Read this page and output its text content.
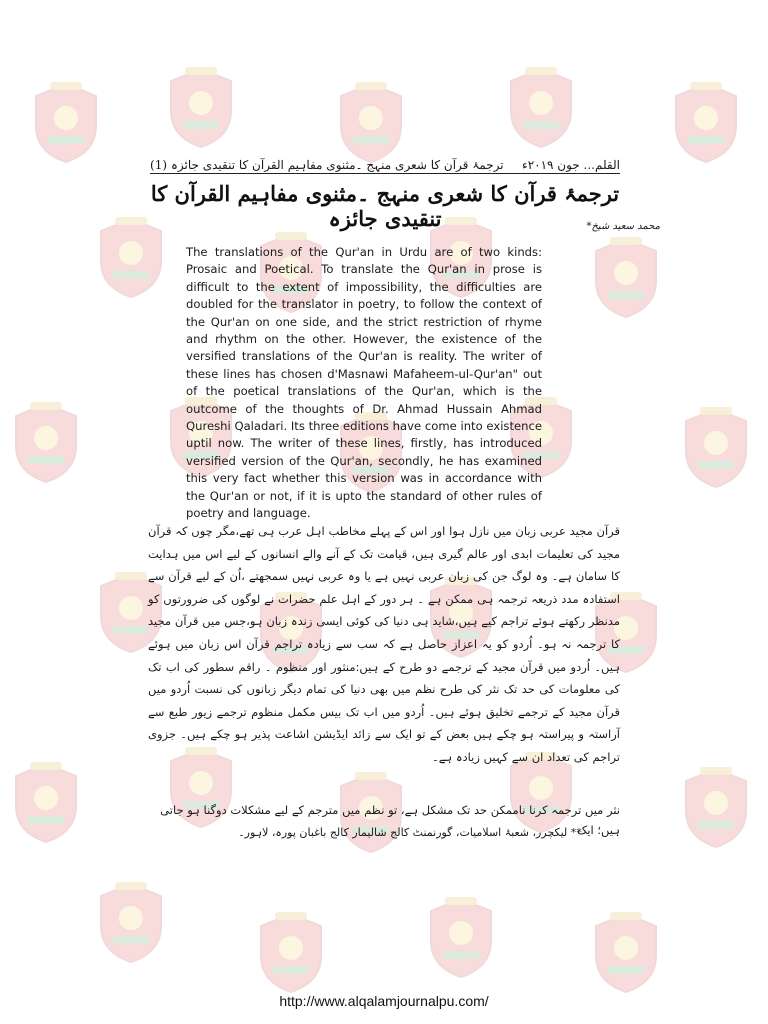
القلم... جون ۲۰۱۹ء
ترجمۂ قرآن کا شعری منہج ۔مثنوی مفاہیم القرآن کا تنقیدی جائزہ (1)
ترجمۂ قرآن کا شعری منہج ۔مثنوی مفاہیم القرآن کا تنقیدی جائزہ	محمد سعید شیخ*
The translations of the Qur'an in Urdu are of two kinds: Prosaic and Poetical. To translate the Qur'an in prose is difficult to the extent of impossibility, the difficulties are doubled for the translator in poetry, to follow the context of the Qur'an on one side, and the strict restriction of rhyme and rhythm on the other. However, the existence of the versified translations of the Qur'an is reality. The writer of these lines has chosen d'Masnawi Mafaheem-ul-Qur'an" out of the poetical translations of the Qur'an, which is the outcome of the thoughts of Dr. Ahmad Hussain Ahmad Qureshi Qaladari. Its three editions have come into existence uptil now. The writer of these lines, firstly, has introduced versified version of the Qur'an, secondly, he has examined this very fact whether this version was in accordance with the Qur'an or not, if it is upto the standard of other rules of poetry and language.
قرآن مجید عربی زبان میں نازل ہوا اور اس کے پہلے مخاطب اہل عرب ہی تھے،مگر چوں کہ قرآن مجید کی تعلیمات ابدی اور عالم گیری ہیں، قیامت تک کے آنے والے انسانوں کے لیے اس میں ہدایت کا سامان ہے۔ وہ لوگ جن کی زبان عربی نہیں ہے یا وہ عربی نہیں سمجھتے ،اُن کے لیے قرآن سے استفادہ مدد ذریعہ ترجمہ ہی ممکن ہے ۔ ہر دور کے اہل علم حضرات نے لوگوں کی ضرورتوں کو مدنظر رکھتے ہوئے تراجم کیے ہیں،شاید ہی دنیا کی کوئی ایسی زندہ زبان ہو،جس میں قرآن مجید کا ترجمہ نہ ہو۔ اُردو کو یہ اعزاز حاصل ہے کہ سب سے زیادہ تراجم قرآن اس زبان میں ہوئے ہیں۔ اُردو میں قرآن مجید کے ترجمے دو طرح کے ہیں:منثور اور منظوم ۔ راقم سطور کی اب تک کی معلومات کی حد تک نثر کی طرح نظم میں بھی دنیا کی تمام دیگر زبانوں کی نسبت اُردو میں قرآن مجید کے ترجمے تخلیق ہوئے ہیں۔ اُردو میں اب تک بیس مکمل منظوم ترجمے زیور طبع سے آراستہ و پیراستہ ہو چکے ہیں بعض کے تو ایک سے زائد ایڈیشن اشاعت پذیر ہو چکے ہیں۔ جزوی تراجم کی تعداد ان سے کہیں زیادہ ہے۔
نثر میں ترجمہ کرنا ناممکن حد تک مشکل ہے، تو نظم میں مترجم کے لیے مشکلات دوگنا ہو جاتی ہیں؛ ایک
** لیکچرر، شعبۂ اسلامیات، گورنمنٹ کالج شالیمار کالج باغبان پورہ، لاہور۔
http://www.alqalamjournalpu.com/
